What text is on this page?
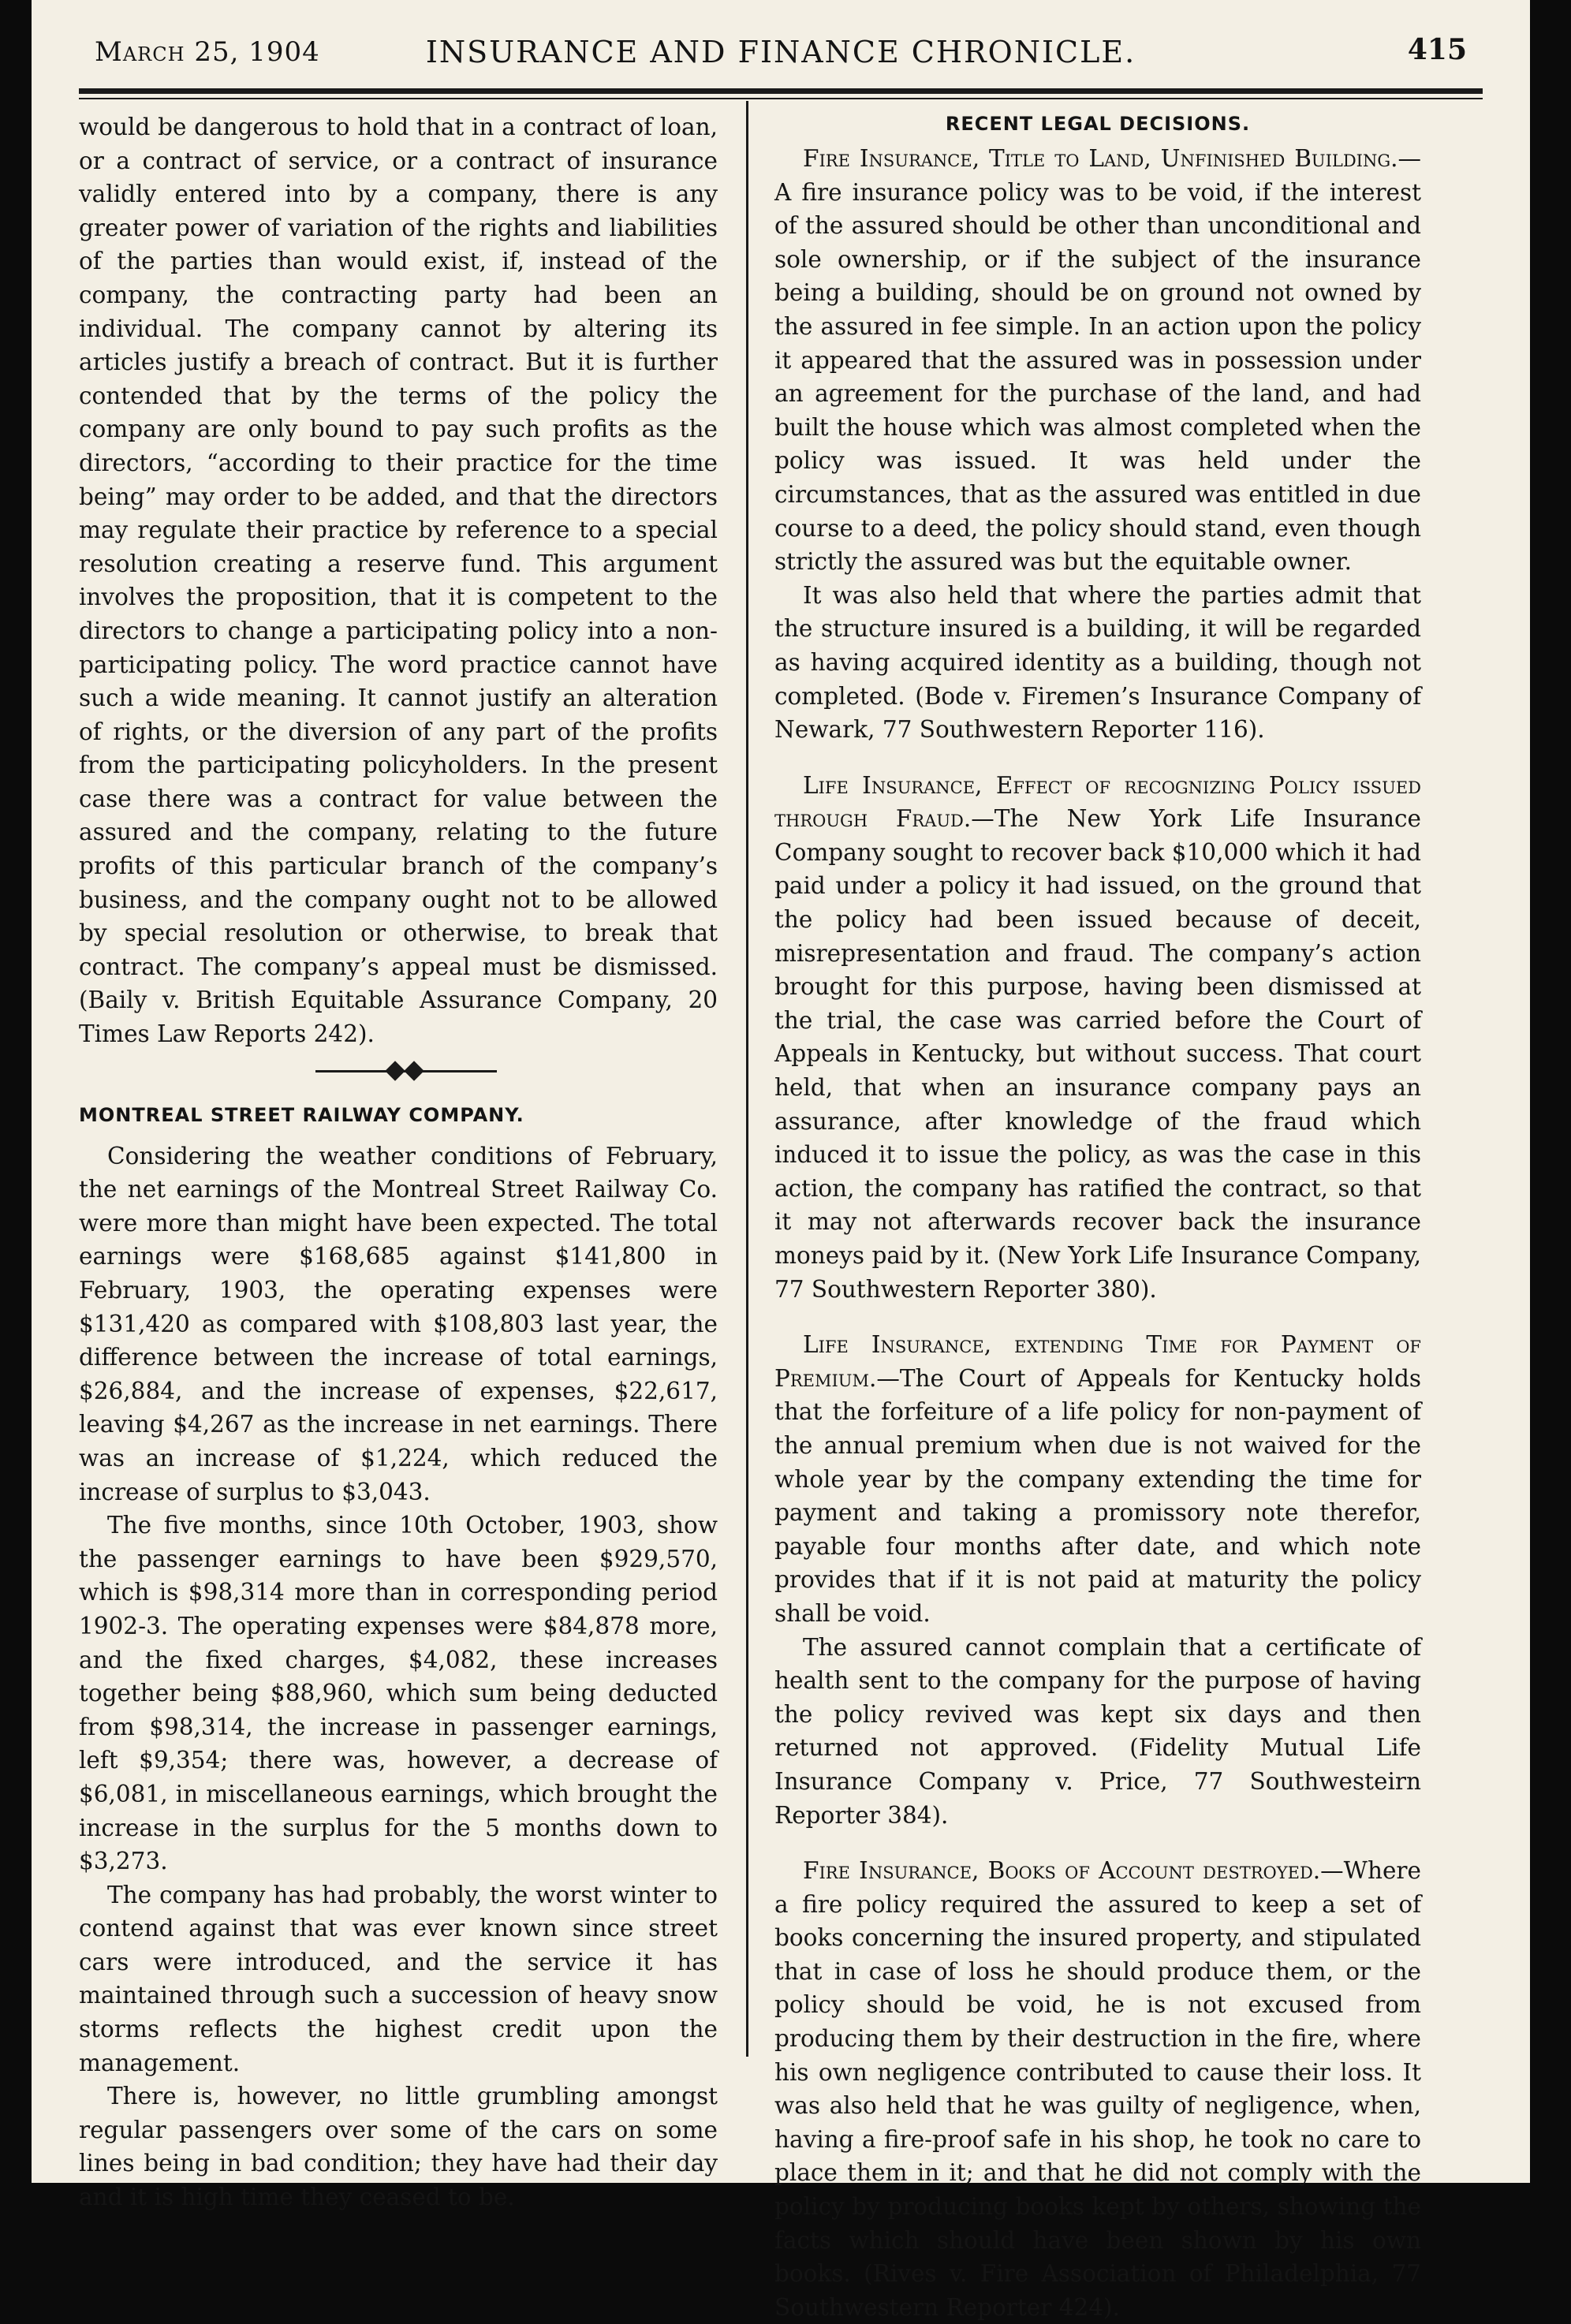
March 25, 1904	INSURANCE AND FINANCE CHRONICLE.	415

would be dangerous to hold that in a contract of loan, or a contract of service, or a contract of insurance validly entered into by a company, there is any greater power of variation of the rights and liabilities of the parties than would exist, if, instead of the company, the contracting party had been an individual. The company cannot by altering its articles justify a breach of contract. But it is further contended that by the terms of the policy the company are only bound to pay such profits as the directors, “according to their practice for the time being” may order to be added, and that the directors may regulate their practice by reference to a special resolution creating a reserve fund. This argument involves the proposition, that it is competent to the directors to change a participating policy into a non-participating policy. The word practice cannot have such a wide meaning. It cannot justify an alteration of rights, or the diversion of any part of the profits from the participating policyholders. In the present case there was a contract for value between the assured and the company, relating to the future profits of this particular branch of the company’s business, and the company ought not to be allowed by special resolution or otherwise, to break that contract. The company’s appeal must be dismissed. (Baily v. British Equitable Assurance Company, 20 Times Law Reports 242).

MONTREAL STREET RAILWAY COMPANY.

Considering the weather conditions of February, the net earnings of the Montreal Street Railway Co. were more than might have been expected. The total earnings were $168,685 against $141,800 in February, 1903, the operating expenses were $131,420 as compared with $108,803 last year, the difference between the increase of total earnings, $26,884, and the increase of expenses, $22,617, leaving $4,267 as the increase in net earnings. There was an increase of $1,224, which reduced the increase of surplus to $3,043.

The five months, since 10th October, 1903, show the passenger earnings to have been $929,570, which is $98,314 more than in corresponding period 1902-3. The operating expenses were $84,878 more, and the fixed charges, $4,082, these increases together being $88,960, which sum being deducted from $98,314, the increase in passenger earnings, left $9,354; there was, however, a decrease of $6,081, in miscellaneous earnings, which brought the increase in the surplus for the 5 months down to $3,273.

The company has had probably, the worst winter to contend against that was ever known since street cars were introduced, and the service it has maintained through such a succession of heavy snow storms reflects the highest credit upon the management.

There is, however, no little grumbling amongst regular passengers over some of the cars on some lines being in bad condition; they have had their day and it is high time they ceased to be.

RECENT LEGAL DECISIONS.

Fire Insurance, Title to Land, Unfinished Building.—A fire insurance policy was to be void, if the interest of the assured should be other than unconditional and sole ownership, or if the subject of the insurance being a building, should be on ground not owned by the assured in fee simple. In an action upon the policy it appeared that the assured was in possession under an agreement for the purchase of the land, and had built the house which was almost completed when the policy was issued. It was held under the circumstances, that as the assured was entitled in due course to a deed, the policy should stand, even though strictly the assured was but the equitable owner.

It was also held that where the parties admit that the structure insured is a building, it will be regarded as having acquired identity as a building, though not completed. (Bode v. Firemen’s Insurance Company of Newark, 77 Southwestern Reporter 116).

Life Insurance, Effect of recognizing Policy issued through Fraud.—The New York Life Insurance Company sought to recover back $10,000 which it had paid under a policy it had issued, on the ground that the policy had been issued because of deceit, misrepresentation and fraud. The company’s action brought for this purpose, having been dismissed at the trial, the case was carried before the Court of Appeals in Kentucky, but without success. That court held, that when an insurance company pays an assurance, after knowledge of the fraud which induced it to issue the policy, as was the case in this action, the company has ratified the contract, so that it may not afterwards recover back the insurance moneys paid by it. (New York Life Insurance Company, 77 Southwestern Reporter 380).

Life Insurance, extending Time for Payment of Premium.—The Court of Appeals for Kentucky holds that the forfeiture of a life policy for non-payment of the annual premium when due is not waived for the whole year by the company extending the time for payment and taking a promissory note therefor, payable four months after date, and which note provides that if it is not paid at maturity the policy shall be void.

The assured cannot complain that a certificate of health sent to the company for the purpose of having the policy revived was kept six days and then returned not approved. (Fidelity Mutual Life Insurance Company v. Price, 77 Southwesteirn Reporter 384).

Fire Insurance, Books of Account destroyed.—Where a fire policy required the assured to keep a set of books concerning the insured property, and stipulated that in case of loss he should produce them, or the policy should be void, he is not excused from producing them by their destruction in the fire, where his own negligence contributed to cause their loss. It was also held that he was guilty of negligence, when, having a fire-proof safe in his shop, he took no care to place them in it; and that he did not comply with the policy by producing books kept by others, showing the facts which should have been shown by his own books. (Rives v. Fire Association of Philadelphia, 77 Southwestern Reporter 424).
